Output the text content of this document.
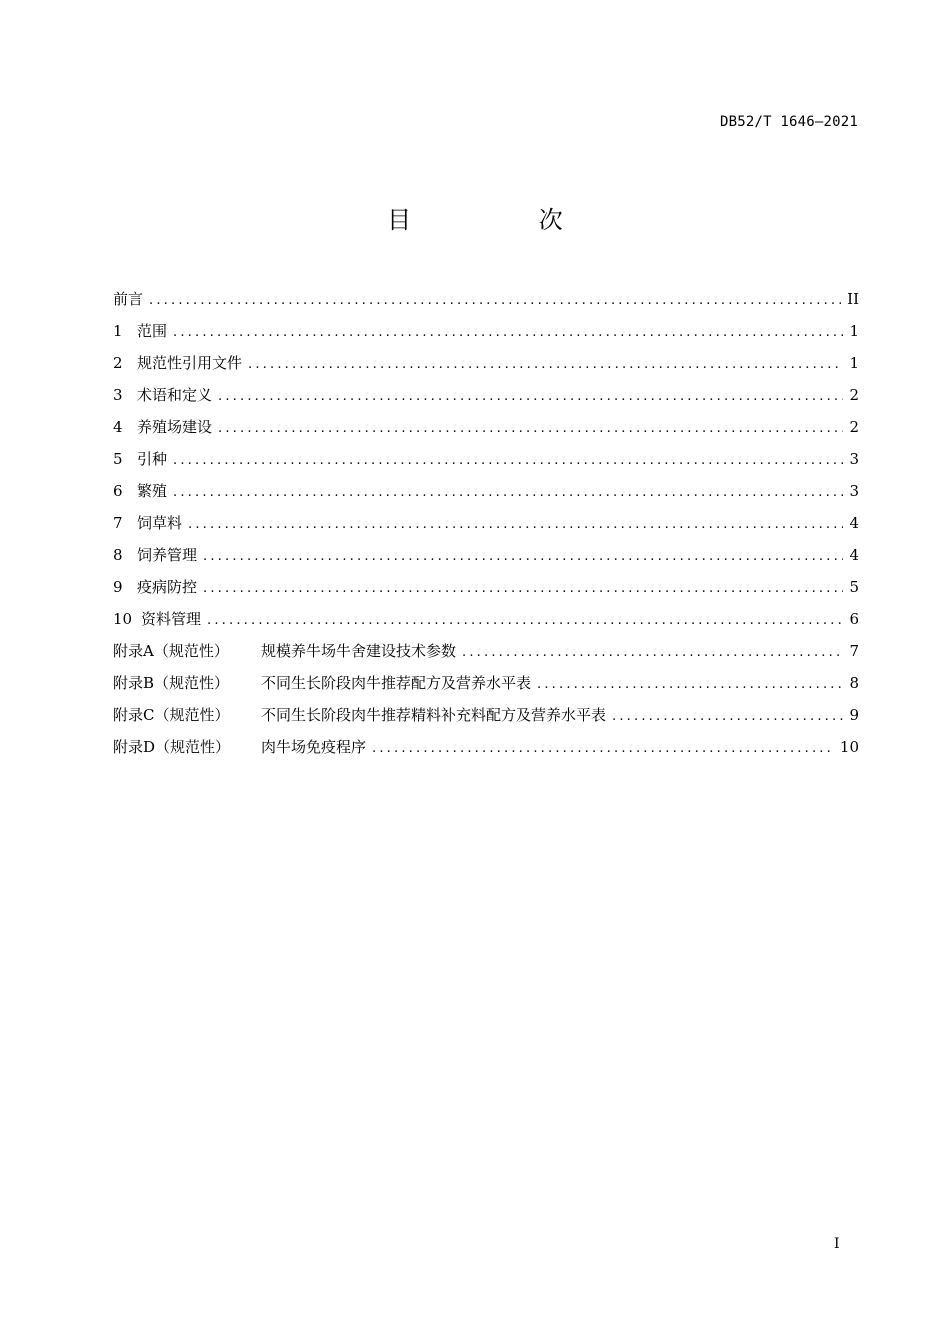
DB52/T 1646—2021
目 次
前言 .....	II
1 范围 .....	1
2 规范性引用文件 .....	1
3 术语和定义 .....	2
4 养殖场建设 .....	2
5 引种 .....	3
6 繁殖 .....	3
7 饲草料 .....	4
8 饲养管理 .....	4
9 疫病防控 .....	5
10 资料管理 .....	6
附录A（规范性）	规模养牛场牛舍建设技术参数 .....	7
附录B（规范性）	不同生长阶段肉牛推荐配方及营养水平表 .....	8
附录C（规范性）	不同生长阶段肉牛推荐精料补充料配方及营养水平表 .....	9
附录D（规范性）	肉牛场免疫程序 .....	10
I
